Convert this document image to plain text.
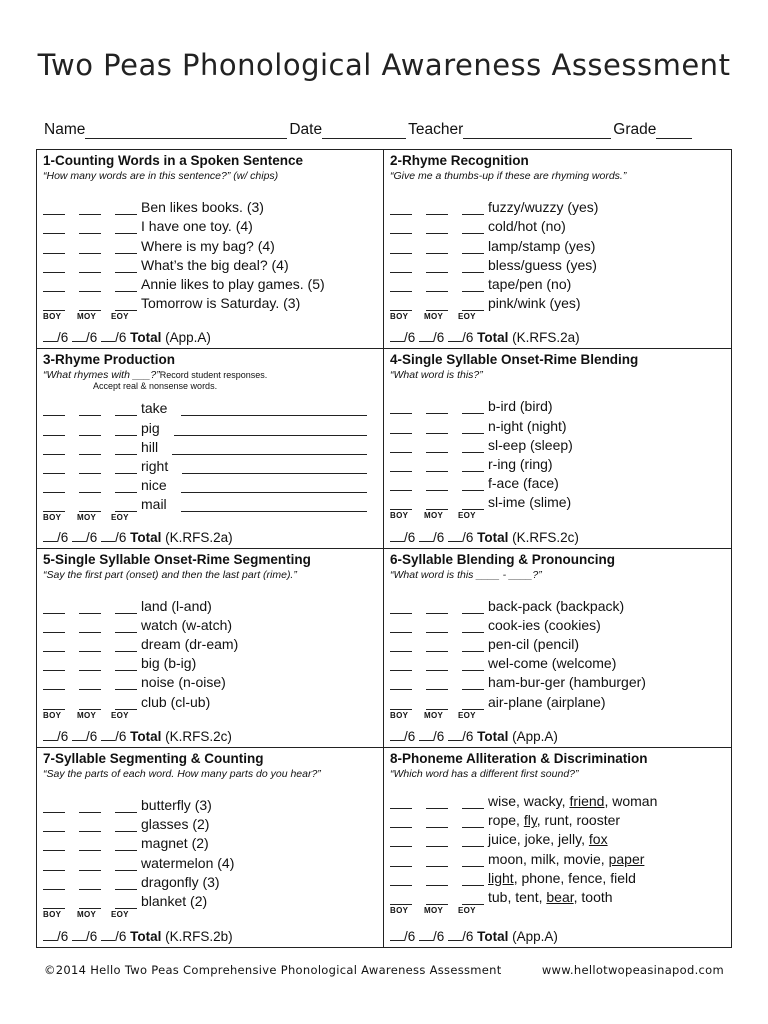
Two Peas Phonological Awareness Assessment
Name	Date	Teacher	Grade
1-Counting Words in a Spoken Sentence
“How many words are in this sentence?” (w/ chips)
Ben likes books. (3)
I have one toy. (4)
Where is my bag? (4)
What’s the big deal? (4)
Annie likes to play games. (5)
Tomorrow is Saturday. (3)
BOY MOY EOY
/6 /6 /6 Total (App.A)
2-Rhyme Recognition
“Give me a thumbs-up if these are rhyming words.”
fuzzy/wuzzy (yes)
cold/hot (no)
lamp/stamp (yes)
bless/guess (yes)
tape/pen (no)
pink/wink (yes)
BOY MOY EOY
/6 /6 /6 Total (K.RFS.2a)
3-Rhyme Production
“What rhymes with ___?”Record student responses.
Accept real & nonsense words.
take
pig
hill
right
nice
mail
BOY MOY EOY
/6 /6 /6 Total (K.RFS.2a)
4-Single Syllable Onset-Rime Blending
“What word is this?”
b-ird (bird)
n-ight (night)
sl-eep (sleep)
r-ing (ring)
f-ace (face)
sl-ime (slime)
BOY MOY EOY
/6 /6 /6 Total (K.RFS.2c)
5-Single Syllable Onset-Rime Segmenting
“Say the first part (onset) and then the last part (rime).”
land (l-and)
watch (w-atch)
dream (dr-eam)
big (b-ig)
noise (n-oise)
club (cl-ub)
BOY MOY EOY
/6 /6 /6 Total (K.RFS.2c)
6-Syllable Blending & Pronouncing
“What word is this ____ - ____?”
back-pack (backpack)
cook-ies (cookies)
pen-cil (pencil)
wel-come (welcome)
ham-bur-ger (hamburger)
air-plane (airplane)
BOY MOY EOY
/6 /6 /6 Total (App.A)
7-Syllable Segmenting & Counting
“Say the parts of each word. How many parts do you hear?”
butterfly (3)
glasses (2)
magnet (2)
watermelon (4)
dragonfly (3)
blanket (2)
BOY MOY EOY
/6 /6 /6 Total (K.RFS.2b)
8-Phoneme Alliteration & Discrimination
“Which word has a different first sound?”
wise, wacky, friend, woman
rope, fly, runt, rooster
juice, joke, jelly, fox
moon, milk, movie, paper
light, phone, fence, field
tub, tent, bear, tooth
BOY MOY EOY
/6 /6 /6 Total (App.A)
©2014 Hello Two Peas Comprehensive Phonological Awareness Assessment	www.hellotwopeasinapod.com
